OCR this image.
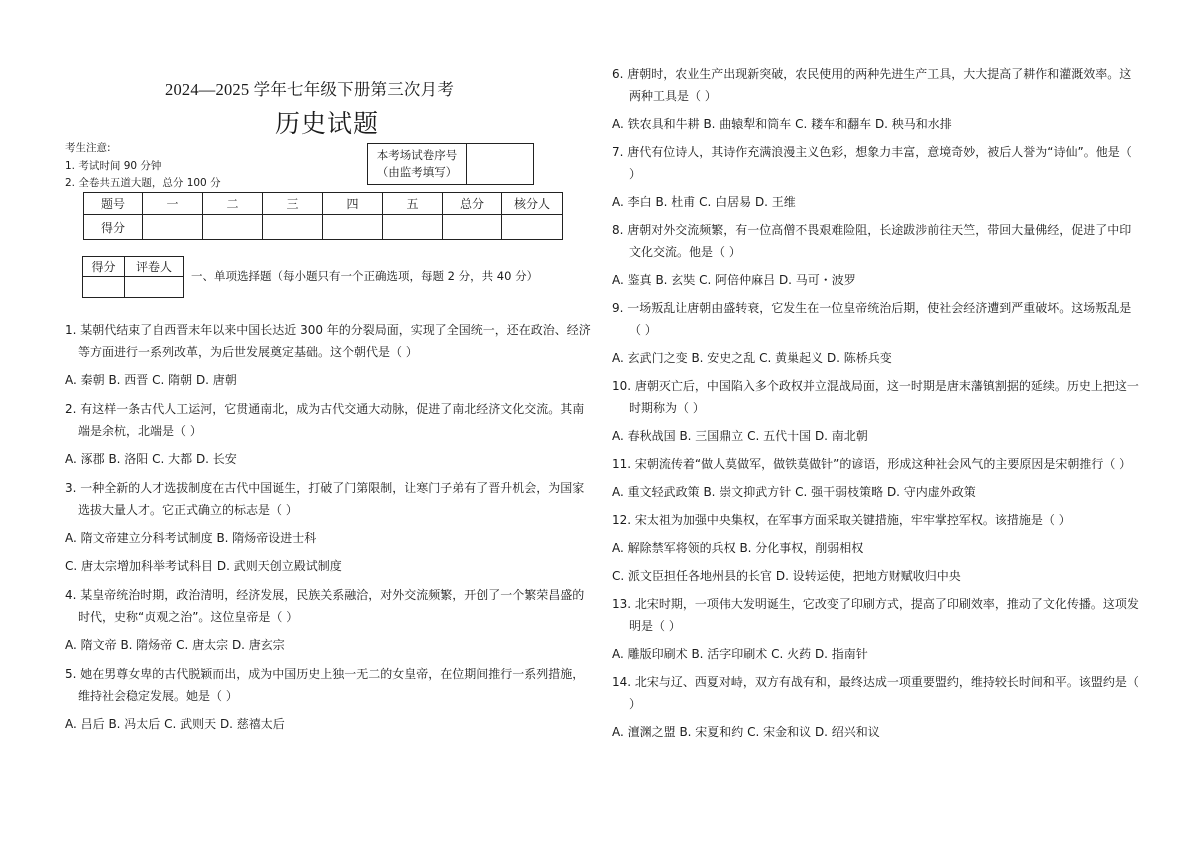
2024—2025 学年七年级下册第三次月考
历史试题
考生注意:
1. 考试时间 90 分钟
2. 全卷共五道大题，总分 100 分
本考场试卷序号
（由监考填写）

题号	一	二	三	四	五	总分	核分人
得分							
得分	评卷人

一、单项选择题（每小题只有一个正确选项，每题 2 分，共 40 分）
1. 某朝代结束了自西晋末年以来中国长达近 300 年的分裂局面，实现了全国统一，还在政治、经济等方面进行一系列改革，为后世发展奠定基础。这个朝代是（ ）
A. 秦朝 B. 西晋 C. 隋朝 D. 唐朝
2. 有这样一条古代人工运河，它贯通南北，成为古代交通大动脉，促进了南北经济文化交流。其南端是余杭，北端是（ ）
A. 涿郡 B. 洛阳 C. 大都 D. 长安
3. 一种全新的人才选拔制度在古代中国诞生，打破了门第限制，让寒门子弟有了晋升机会，为国家选拔大量人才。它正式确立的标志是（ ）
A. 隋文帝建立分科考试制度 B. 隋炀帝设进士科
C. 唐太宗增加科举考试科目 D. 武则天创立殿试制度
4. 某皇帝统治时期，政治清明，经济发展，民族关系融洽，对外交流频繁，开创了一个繁荣昌盛的时代，史称“贞观之治”。这位皇帝是（ ）
A. 隋文帝 B. 隋炀帝 C. 唐太宗 D. 唐玄宗
5. 她在男尊女卑的古代脱颖而出，成为中国历史上独一无二的女皇帝，在位期间推行一系列措施，维持社会稳定发展。她是（ ）
A. 吕后 B. 冯太后 C. 武则天 D. 慈禧太后
6. 唐朝时，农业生产出现新突破，农民使用的两种先进生产工具，大大提高了耕作和灌溉效率。这两种工具是（ ）
A. 铁农具和牛耕 B. 曲辕犁和筒车 C. 耧车和翻车 D. 秧马和水排
7. 唐代有位诗人，其诗作充满浪漫主义色彩，想象力丰富，意境奇妙，被后人誉为“诗仙”。他是（ ）
A. 李白 B. 杜甫 C. 白居易 D. 王维
8. 唐朝对外交流频繁，有一位高僧不畏艰难险阻，长途跋涉前往天竺，带回大量佛经，促进了中印文化交流。他是（ ）
A. 鉴真 B. 玄奘 C. 阿倍仲麻吕 D. 马可・波罗
9. 一场叛乱让唐朝由盛转衰，它发生在一位皇帝统治后期，使社会经济遭到严重破坏。这场叛乱是（ ）
A. 玄武门之变 B. 安史之乱 C. 黄巢起义 D. 陈桥兵变
10. 唐朝灭亡后，中国陷入多个政权并立混战局面，这一时期是唐末藩镇割据的延续。历史上把这一时期称为（ ）
A. 春秋战国 B. 三国鼎立 C. 五代十国 D. 南北朝
11. 宋朝流传着“做人莫做军，做铁莫做针”的谚语，形成这种社会风气的主要原因是宋朝推行（ ）
A. 重文轻武政策 B. 崇文抑武方针 C. 强干弱枝策略 D. 守内虚外政策
12. 宋太祖为加强中央集权，在军事方面采取关键措施，牢牢掌控军权。该措施是（ ）
A. 解除禁军将领的兵权 B. 分化事权，削弱相权
C. 派文臣担任各地州县的长官 D. 设转运使，把地方财赋收归中央
13. 北宋时期，一项伟大发明诞生，它改变了印刷方式，提高了印刷效率，推动了文化传播。这项发明是（ ）
A. 雕版印刷术 B. 活字印刷术 C. 火药 D. 指南针
14. 北宋与辽、西夏对峙，双方有战有和，最终达成一项重要盟约，维持较长时间和平。该盟约是（ ）
A. 澶渊之盟 B. 宋夏和约 C. 宋金和议 D. 绍兴和议
